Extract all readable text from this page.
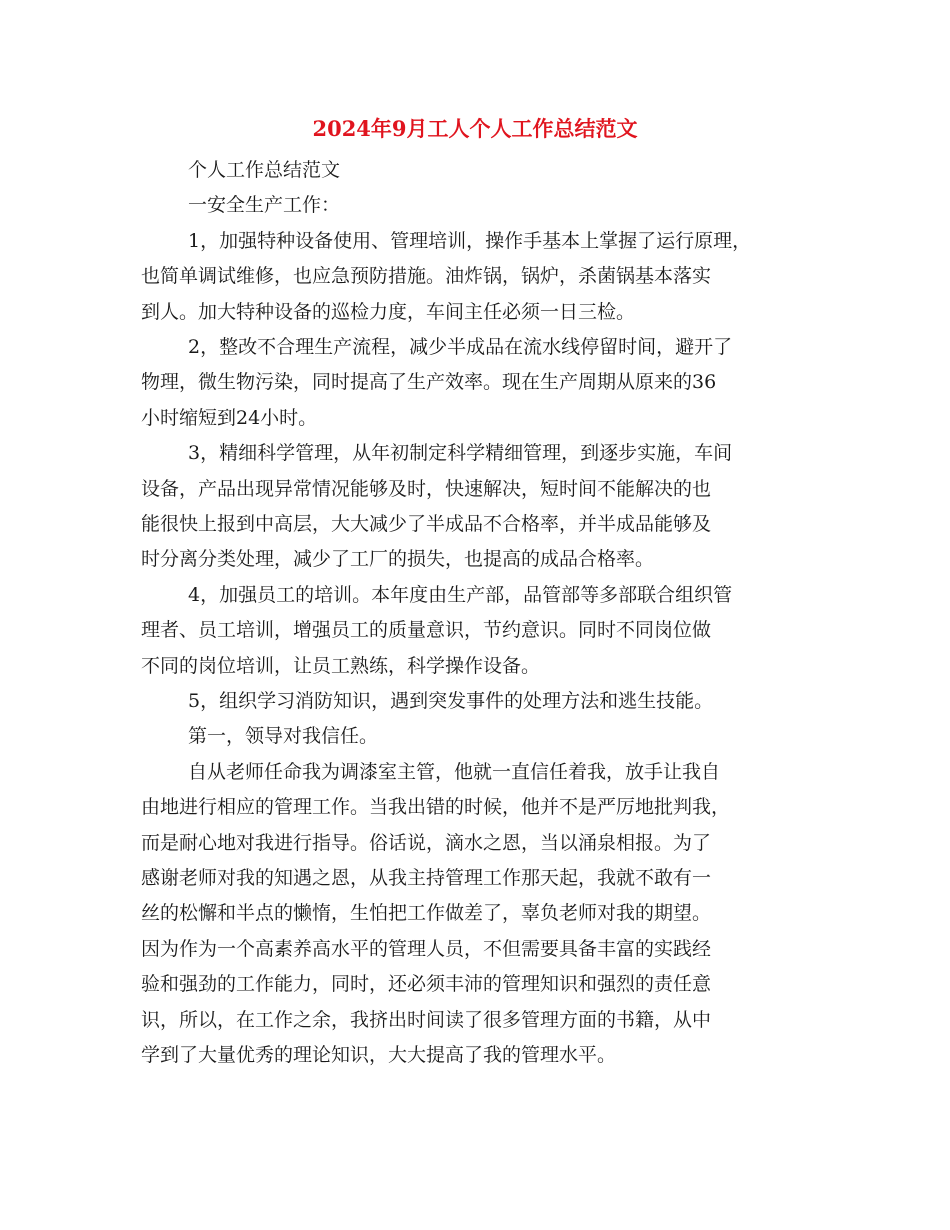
2024年9月工人个人工作总结范文

个人工作总结范文

一安全生产工作：

1，加强特种设备使用、管理培训，操作手基本上掌握了运行原理，

也简单调试维修，也应急预防措施。油炸锅，锅炉，杀菌锅基本落实

到人。加大特种设备的巡检力度，车间主任必须一日三检。

2，整改不合理生产流程，减少半成品在流水线停留时间，避开了

物理，微生物污染，同时提高了生产效率。现在生产周期从原来的36

小时缩短到24小时。

3，精细科学管理，从年初制定科学精细管理，到逐步实施，车间

设备，产品出现异常情况能够及时，快速解决，短时间不能解决的也

能很快上报到中高层，大大减少了半成品不合格率，并半成品能够及

时分离分类处理，减少了工厂的损失，也提高的成品合格率。

4，加强员工的培训。本年度由生产部，品管部等多部联合组织管

理者、员工培训，增强员工的质量意识，节约意识。同时不同岗位做

不同的岗位培训，让员工熟练，科学操作设备。

5，组织学习消防知识，遇到突发事件的处理方法和逃生技能。

第一，领导对我信任。

自从老师任命我为调漆室主管，他就一直信任着我，放手让我自

由地进行相应的管理工作。当我出错的时候，他并不是严厉地批判我，

而是耐心地对我进行指导。俗话说，滴水之恩，当以涌泉相报。为了

感谢老师对我的知遇之恩，从我主持管理工作那天起，我就不敢有一

丝的松懈和半点的懒惰，生怕把工作做差了，辜负老师对我的期望。

因为作为一个高素养高水平的管理人员，不但需要具备丰富的实践经

验和强劲的工作能力，同时，还必须丰沛的管理知识和强烈的责任意

识，所以，在工作之余，我挤出时间读了很多管理方面的书籍，从中

学到了大量优秀的理论知识，大大提高了我的管理水平。
